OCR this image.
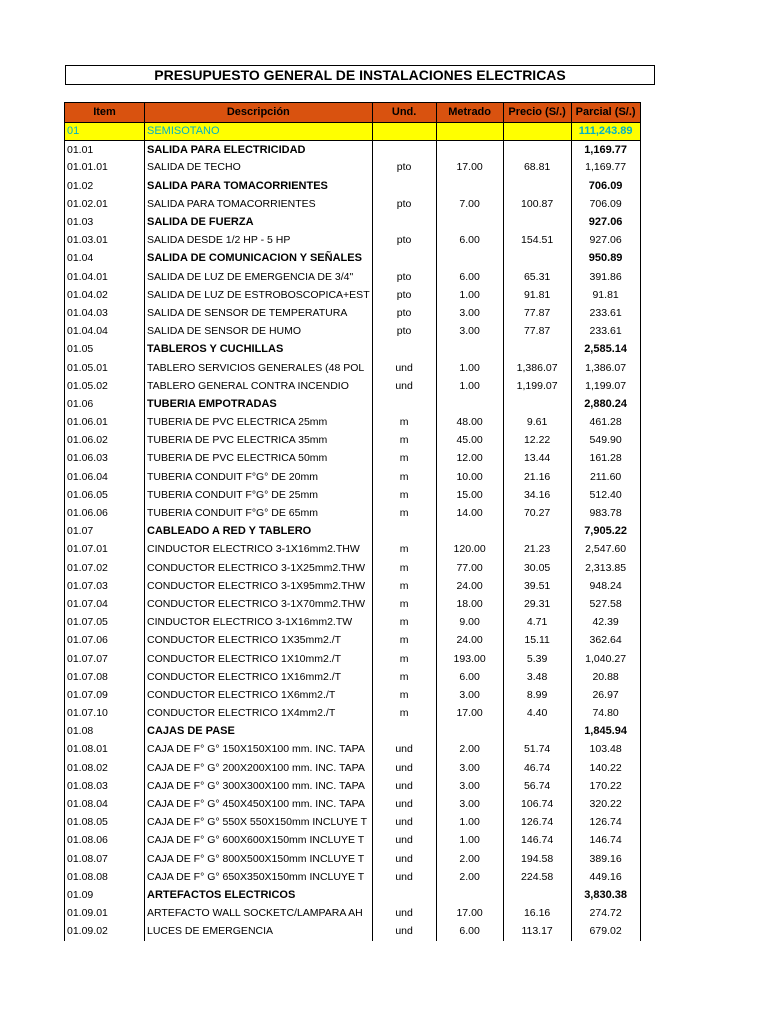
PRESUPUESTO GENERAL DE INSTALACIONES ELECTRICAS
Item	Descripción	Und.	Metrado	Precio (S/.)	Parcial (S/.)
01	SEMISOTANO				111,243.89
01.01	SALIDA PARA ELECTRICIDAD				1,169.77
01.01.01	SALIDA DE TECHO	pto	17.00	68.81	1,169.77
01.02	SALIDA PARA TOMACORRIENTES				706.09
01.02.01	SALIDA PARA TOMACORRIENTES	pto	7.00	100.87	706.09
01.03	SALIDA DE FUERZA				927.06
01.03.01	SALIDA DESDE 1/2 HP - 5 HP	pto	6.00	154.51	927.06
01.04	SALIDA DE COMUNICACION Y SEÑALES				950.89
01.04.01	SALIDA DE LUZ DE EMERGENCIA DE 3/4"	pto	6.00	65.31	391.86
01.04.02	SALIDA DE LUZ DE ESTROBOSCOPICA+EST	pto	1.00	91.81	91.81
01.04.03	SALIDA DE SENSOR DE TEMPERATURA	pto	3.00	77.87	233.61
01.04.04	SALIDA DE SENSOR DE HUMO	pto	3.00	77.87	233.61
01.05	TABLEROS Y CUCHILLAS				2,585.14
01.05.01	TABLERO SERVICIOS GENERALES (48 POL	und	1.00	1,386.07	1,386.07
01.05.02	TABLERO GENERAL CONTRA INCENDIO	und	1.00	1,199.07	1,199.07
01.06	TUBERIA EMPOTRADAS				2,880.24
01.06.01	TUBERIA DE PVC ELECTRICA 25mm	m	48.00	9.61	461.28
01.06.02	TUBERIA DE PVC ELECTRICA 35mm	m	45.00	12.22	549.90
01.06.03	TUBERIA DE PVC ELECTRICA 50mm	m	12.00	13.44	161.28
01.06.04	TUBERIA CONDUIT F°G° DE 20mm	m	10.00	21.16	211.60
01.06.05	TUBERIA CONDUIT F°G° DE 25mm	m	15.00	34.16	512.40
01.06.06	TUBERIA CONDUIT F°G° DE 65mm	m	14.00	70.27	983.78
01.07	CABLEADO A RED Y TABLERO				7,905.22
01.07.01	CINDUCTOR ELECTRICO 3-1X16mm2.THW	m	120.00	21.23	2,547.60
01.07.02	CONDUCTOR ELECTRICO 3-1X25mm2.THW	m	77.00	30.05	2,313.85
01.07.03	CONDUCTOR ELECTRICO 3-1X95mm2.THW	m	24.00	39.51	948.24
01.07.04	CONDUCTOR ELECTRICO 3-1X70mm2.THW	m	18.00	29.31	527.58
01.07.05	CINDUCTOR ELECTRICO 3-1X16mm2.TW	m	9.00	4.71	42.39
01.07.06	CONDUCTOR ELECTRICO 1X35mm2./T	m	24.00	15.11	362.64
01.07.07	CONDUCTOR ELECTRICO 1X10mm2./T	m	193.00	5.39	1,040.27
01.07.08	CONDUCTOR ELECTRICO 1X16mm2./T	m	6.00	3.48	20.88
01.07.09	CONDUCTOR ELECTRICO 1X6mm2./T	m	3.00	8.99	26.97
01.07.10	CONDUCTOR ELECTRICO 1X4mm2./T	m	17.00	4.40	74.80
01.08	CAJAS DE PASE				1,845.94
01.08.01	CAJA DE F° G° 150X150X100 mm. INC. TAPA	und	2.00	51.74	103.48
01.08.02	CAJA DE F° G° 200X200X100 mm. INC. TAPA	und	3.00	46.74	140.22
01.08.03	CAJA DE F° G° 300X300X100 mm. INC. TAPA	und	3.00	56.74	170.22
01.08.04	CAJA DE F° G° 450X450X100 mm. INC. TAPA	und	3.00	106.74	320.22
01.08.05	CAJA DE F° G° 550X 550X150mm INCLUYE T	und	1.00	126.74	126.74
01.08.06	CAJA DE F° G° 600X600X150mm INCLUYE T	und	1.00	146.74	146.74
01.08.07	CAJA DE F° G° 800X500X150mm INCLUYE T	und	2.00	194.58	389.16
01.08.08	CAJA DE F° G° 650X350X150mm INCLUYE T	und	2.00	224.58	449.16
01.09	ARTEFACTOS ELECTRICOS				3,830.38
01.09.01	ARTEFACTO WALL SOCKETC/LAMPARA AH	und	17.00	16.16	274.72
01.09.02	LUCES DE EMERGENCIA	und	6.00	113.17	679.02
